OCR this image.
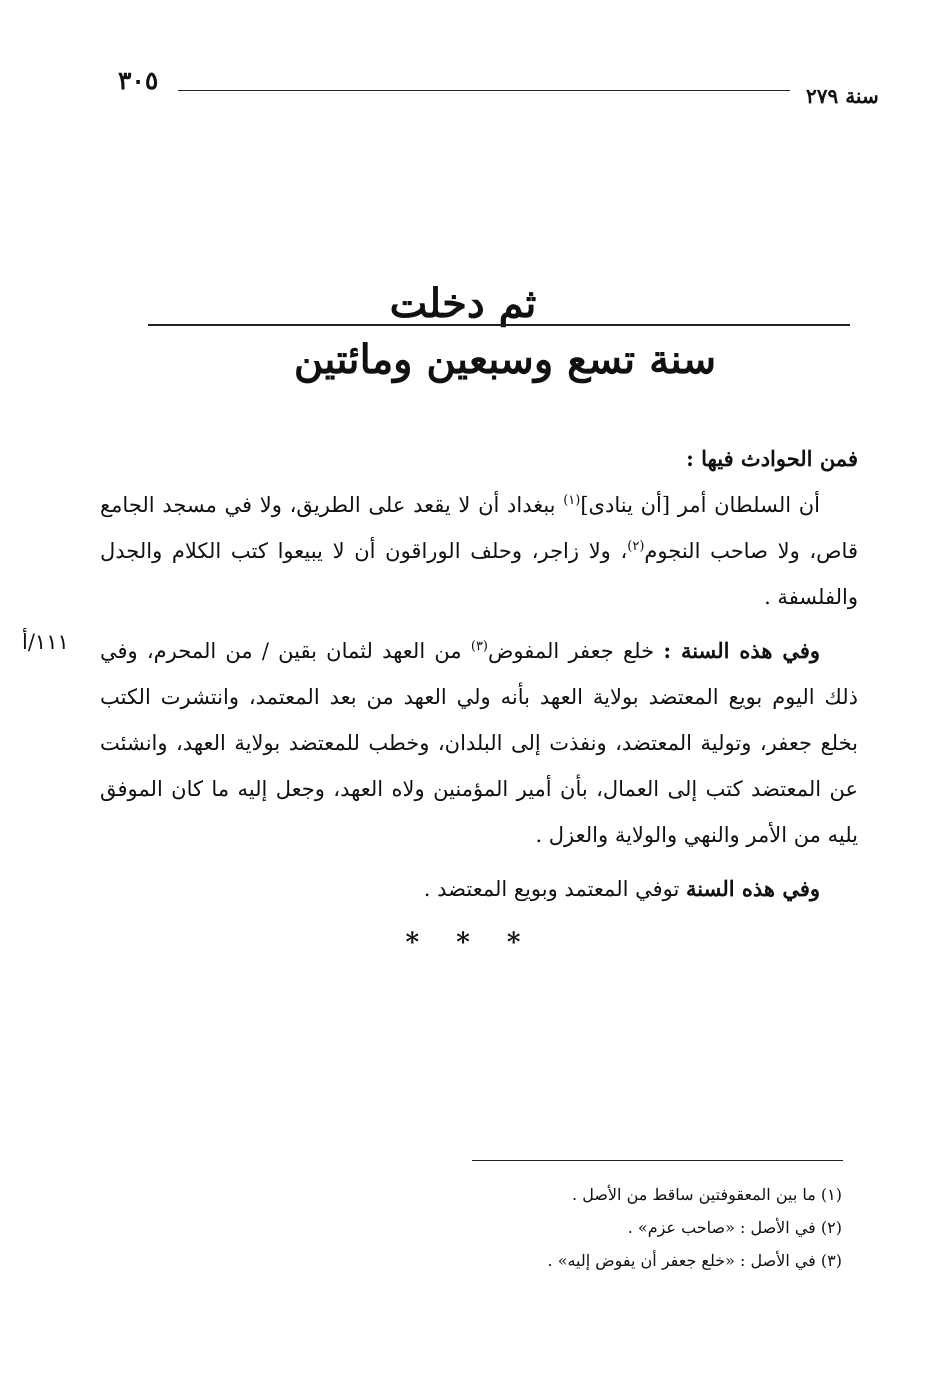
٣٠٥
سنة ٢٧٩
ثم دخلت
سنة تسع وسبعين ومائتين

فمن الحوادث فيها :

أن السلطان أمر [أن ينادى]$^{(١)}$ ببغداد أن لا يقعد على الطريق، ولا في مسجد الجامع قاص، ولا صاحب النجوم$^{(٢)}$، ولا زاجر، وحلف الوراقون أن لا يبيعوا كتب الكلام والجدل والفلسفة .

وفي هذه السنة : خلع جعفر المفوض$^{(٣)}$ من العهد لثمان بقين / من المحرم، وفي ذلك اليوم بويع المعتضد بولاية العهد بأنه ولي العهد من بعد المعتمد، وانتشرت الكتب بخلع جعفر، وتولية المعتضد، ونفذت إلى البلدان، وخطب للمعتضد بولاية العهد، وانشئت عن المعتضد كتب إلى العمال، بأن أمير المؤمنين ولاه العهد، وجعل إليه ما كان الموفق يليه من الأمر والنهي والولاية والعزل .

وفي هذه السنة توفي المعتمد وبويع المعتضد .

١١١/أ
* * *
(١) ما بين المعقوفتين ساقط من الأصل .
(٢) في الأصل : «صاحب عزم» .
(٣) في الأصل : «خلع جعفر أن يفوض إليه» .
